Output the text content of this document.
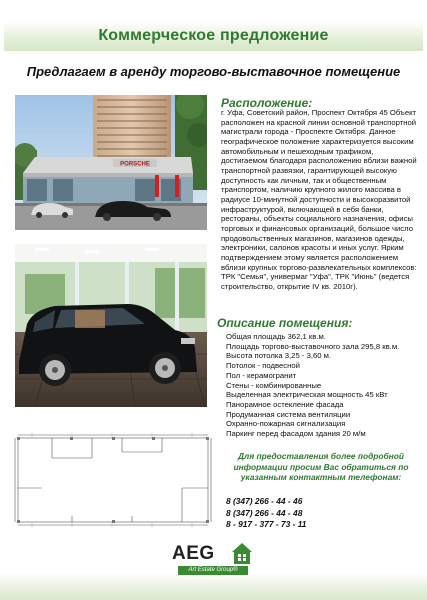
Коммерческое предложение
Предлагаем в аренду торгово-выставочное помещение
PORSCHE
Расположение:

г. Уфа, Советский район, Проспект Октября 45 Объект расположен на красной линии основной транспортной магистрали города - Проспекте Октября. Данное географическое положение характеризуется высоким автомобильным и пешеходным трафиком, достигаемом благодаря расположению вблизи важной транспортной развязки, гарантирующей высокую доступность как личным, так и общественным транспортом, наличию крупного жилого массива в радиусе 10-минутной доступности и высокоразвитой инфраструктурой, включающей в себя банки, рестораны, объекты социального назначения, офисы торговых и финансовых организаций, большое число продовольственных магазинов, магазинов одежды, электроники, салонов красоты и иных услуг. Ярким подтверждением этому является расположением вблизи крупных торгово-развлекательных комплексов: ТРК "Семья", универмаг "Уфа", ТРК "Июнь" (ведется строительство, открытие IV кв. 2010г).

Описание помещения:
Общая площадь 362,1 кв.м.
Площадь торгово-выставочного зала 295,8 кв.м.
Высота потолка 3,25 - 3,60 м.
Потолок - подвесной
Пол - керамогранит
Стены - комбинированные
Выделенная электрическая мощность 45 кВт
Панорамное остекление фасада
Продуманная система вентиляции
Охранно-пожарная сигнализация
Паркинг перед фасадом здания 20 м/м
Для предоставления более подробной информации просим Вас обратиться по указанным контактным телефонам:
8 (347) 266 - 44 - 46
8 (347) 266 - 44 - 48
8 - 917 - 377 - 73 - 11
AEG
Art Estate Group®
